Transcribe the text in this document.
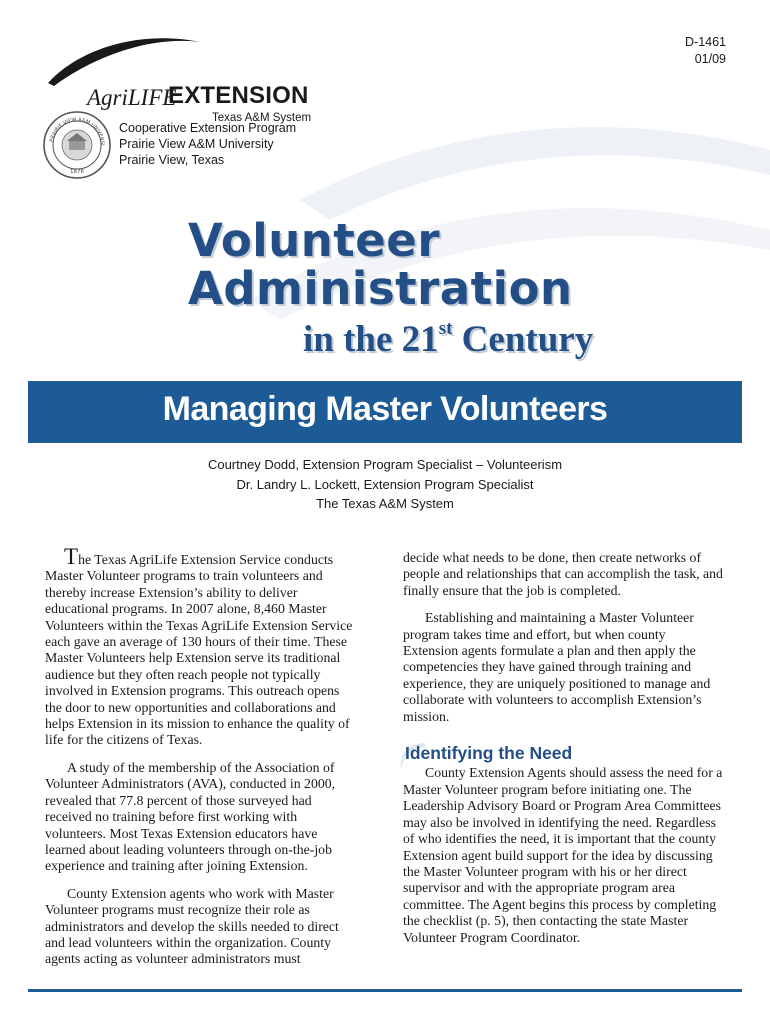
D-1461
01/09
AgriLIFE
EXTENSION
Texas A&M System
PRAIRIE VIEW A&M UNIVERSI
1876
Cooperative Extension Program
Prairie View A&M University
Prairie View, Texas
Volunteer
Administration
in the 21st Century
Managing Master Volunteers
Courtney Dodd, Extension Program Specialist – Volunteerism
Dr. Landry L. Lockett, Extension Program Specialist
The Texas A&M System

The Texas AgriLife Extension Service conducts Master Volunteer programs to train volunteers and thereby increase Extension’s ability to deliver educational programs. In 2007 alone, 8,460 Master Volunteers within the Texas AgriLife Extension Service each gave an average of 130 hours of their time. These Master Volunteers help Extension serve its traditional audience but they often reach people not typically involved in Extension programs. This outreach opens the door to new opportunities and collaborations and helps Extension in its mission to enhance the quality of life for the citizens of Texas.

A study of the membership of the Association of Volunteer Administrators (AVA), conducted in 2000, revealed that 77.8 percent of those surveyed had received no training before first working with volunteers. Most Texas Extension educators have learned about leading volunteers through on-the-job experience and training after joining Extension.

County Extension agents who work with Master Volunteer programs must recognize their role as administrators and develop the skills needed to direct and lead volunteers within the organization. County agents acting as volunteer administrators must

decide what needs to be done, then create networks of people and relationships that can accomplish the task, and finally ensure that the job is completed.

Establishing and maintaining a Master Volunteer program takes time and effort, but when county Extension agents formulate a plan and then apply the competencies they have gained through training and experience, they are uniquely positioned to manage and collaborate with volunteers to accomplish Extension’s mission.

Identifying the Need

County Extension Agents should assess the need for a Master Volunteer program before initiating one. The Leadership Advisory Board or Program Area Committees may also be involved in identifying the need. Regardless of who identifies the need, it is important that the county Extension agent build support for the idea by discussing the Master Volunteer program with his or her direct supervisor and with the appropriate program area committee. The Agent begins this process by completing the checklist (p. 5), then contacting the state Master Volunteer Program Coordinator.
